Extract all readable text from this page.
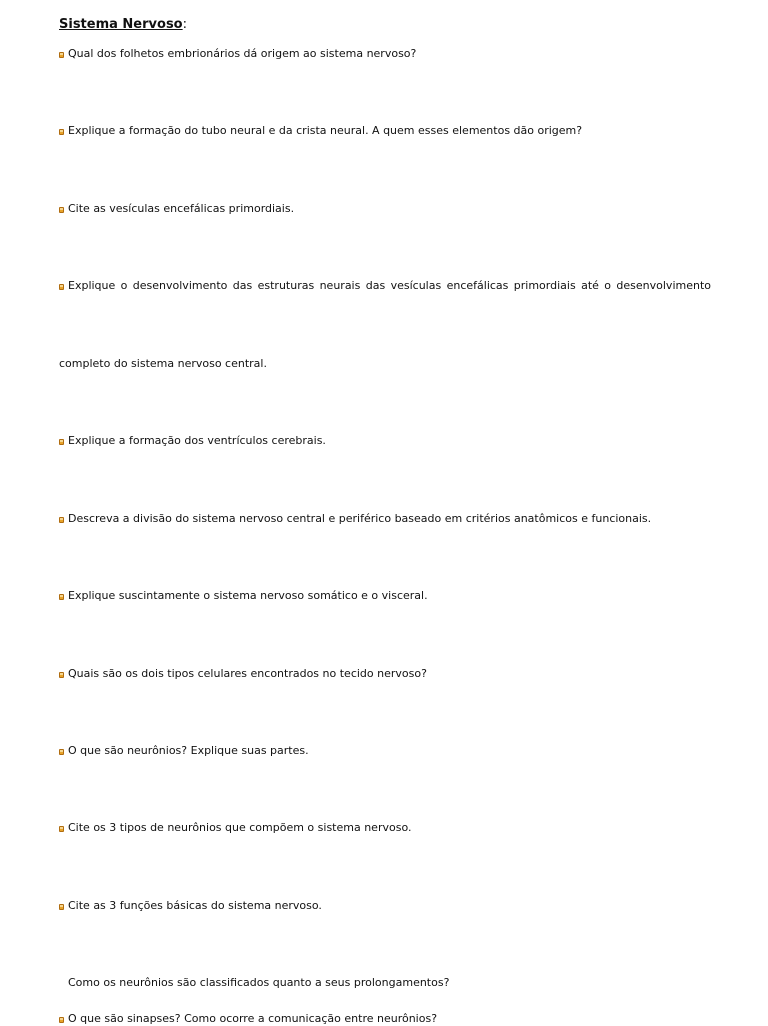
Sistema Nervoso:
Qual dos folhetos embrionários dá origem ao sistema nervoso?
Explique a formação do tubo neural e da crista neural. A quem esses elementos dão origem?
Cite as vesículas encefálicas primordiais.
Explique o desenvolvimento das estruturas neurais das vesículas encefálicas primordiais até o desenvolvimento
completo do sistema nervoso central.
Explique a formação dos ventrículos cerebrais.
Descreva a divisão do sistema nervoso central e periférico baseado em critérios anatômicos e funcionais.
Explique suscintamente o sistema nervoso somático e o visceral.
Quais são os dois tipos celulares encontrados no tecido nervoso?
O que são neurônios? Explique suas partes.
Cite os 3 tipos de neurônios que compõem o sistema nervoso.
Cite as 3 funções básicas do sistema nervoso.
Como os neurônios são classificados quanto a seus prolongamentos?
O que são sinapses? Como ocorre a comunicação entre neurônios?
